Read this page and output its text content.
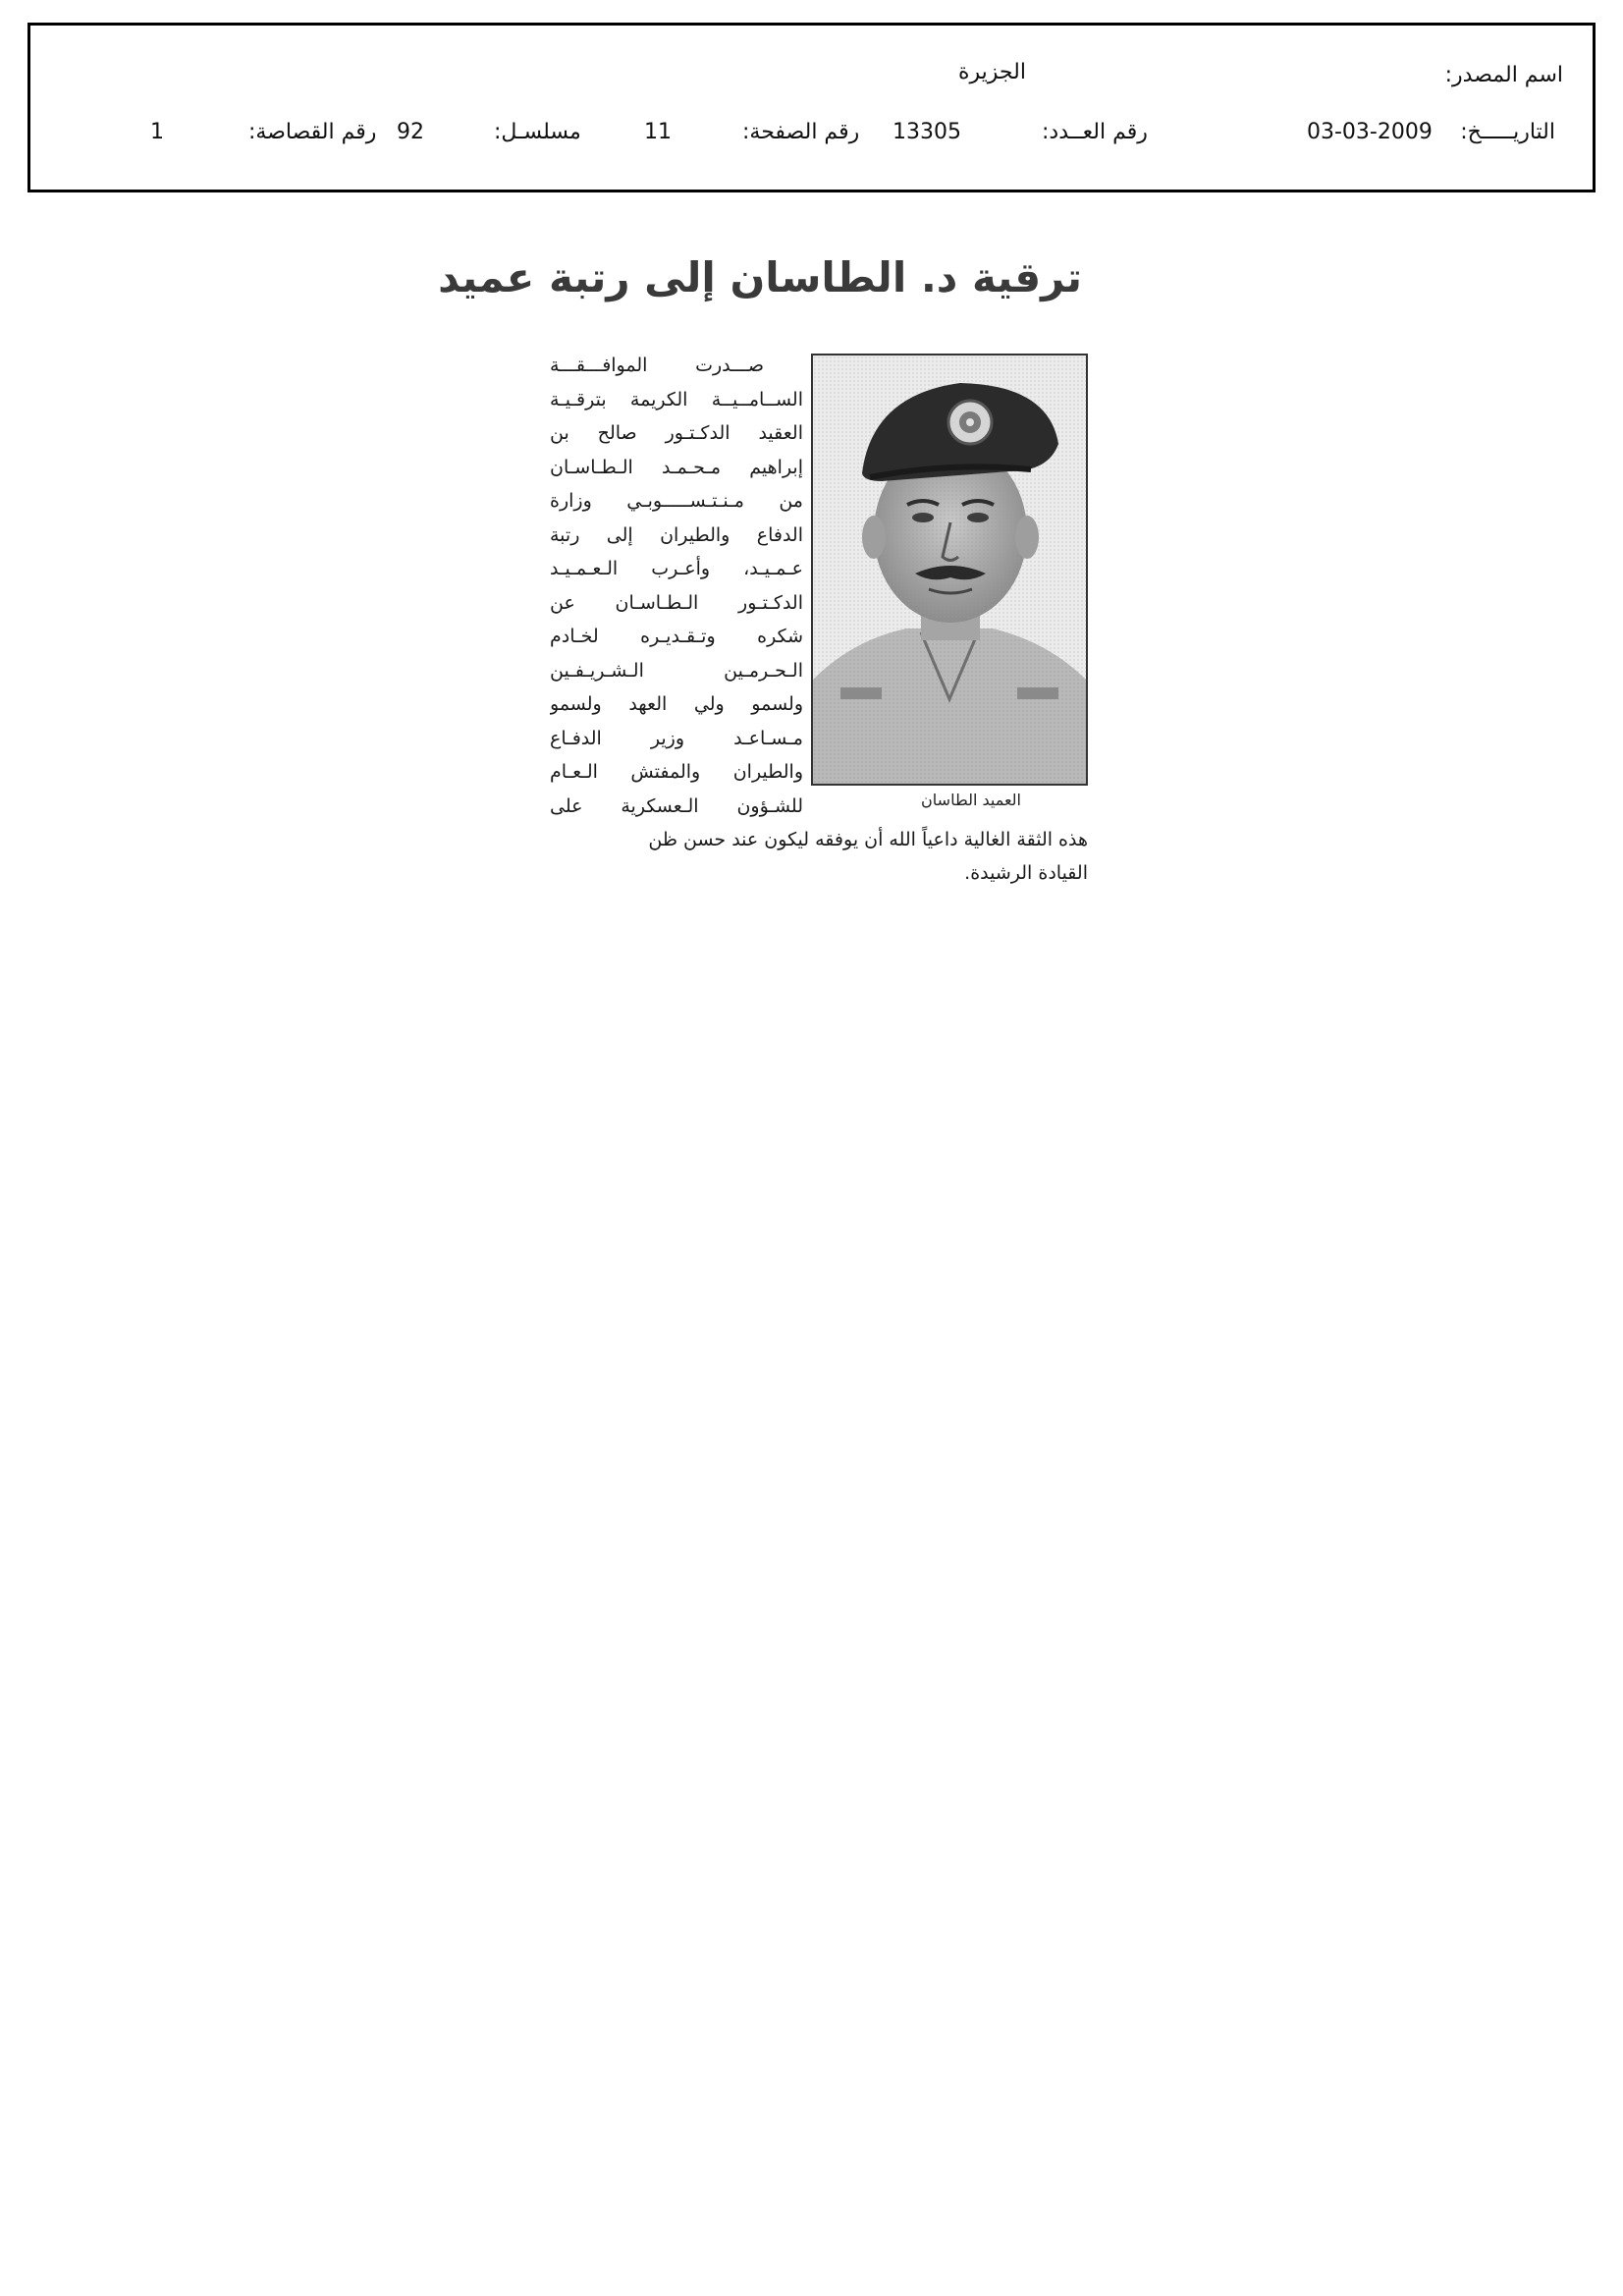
اسم المصدر:
الجزيرة
التاريـــــخ:
03-03-2009
رقم العــدد:
13305
رقم الصفحة:
11
مسلسـل:
92
رقم القصاصة:
1
ترقية د. الطاسان إلى رتبة عميد
صـــدرت الموافـــقـــة
الســامــيــة الكريمة بترقـيـة
العقيد الدكـتـور صالح بن
إبراهيم مـحـمـد الـطـاسـان
من مـنـتـســـــوبـي وزارة
الدفاع والطيران إلى رتبة
عـمـيـد، وأعـرب الـعـمـيـد
الدكـتـور الـطـاسـان عن
شكره وتـقـديـره لخـادم
الـحـرمـين الـشـريـفـين
ولسمو ولي العهد ولسمو
مـسـاعـد وزير الدفـاع
والطيران والمفتش الـعـام
للشـؤون الـعسكرية على	العميد الطاسان
هذه الثقة الغالية داعياً الله أن يوفقه ليكون عند حسن ظن
القيادة الرشيدة.
